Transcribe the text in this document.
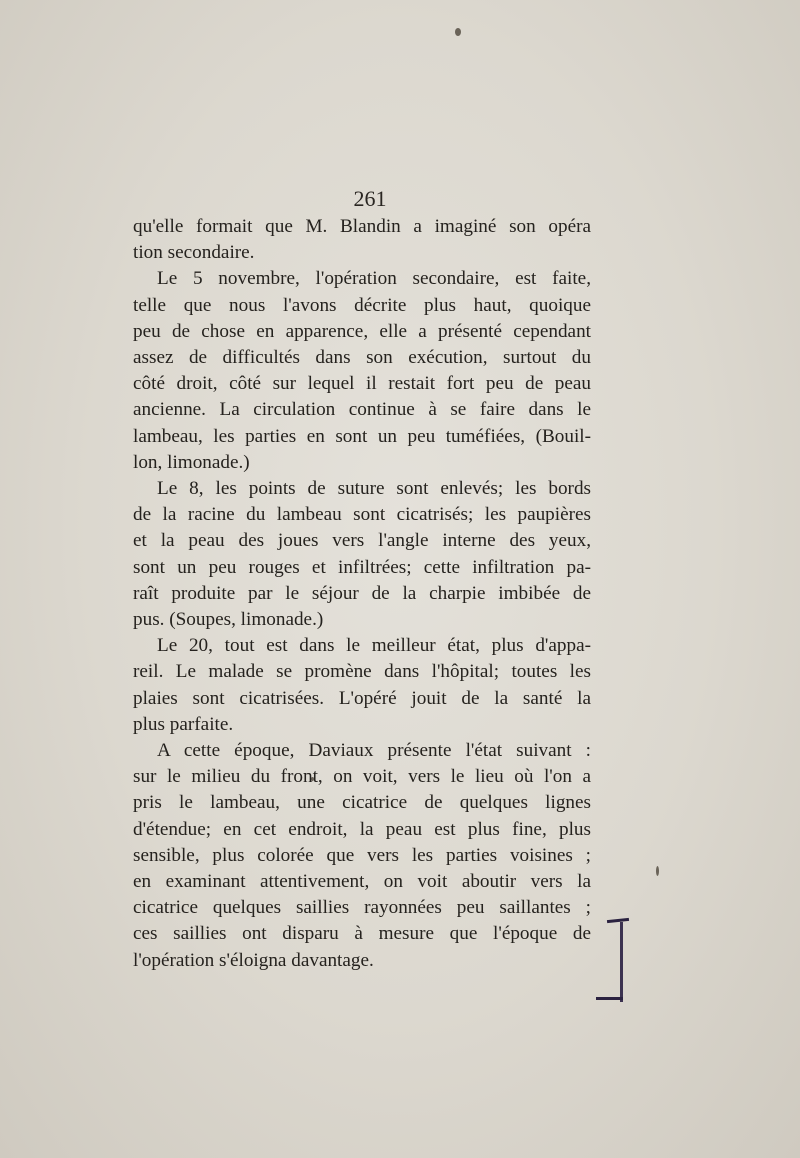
261

qu'elle formait que M. Blandin a imaginé son opéra
tion secondaire.

Le 5 novembre, l'opération secondaire, est faite,
telle que nous l'avons décrite plus haut, quoique
peu de chose en apparence, elle a présenté cependant
assez de difficultés dans son exécution, surtout du
côté droit, côté sur lequel il restait fort peu de peau
ancienne. La circulation continue à se faire dans le
lambeau, les parties en sont un peu tuméfiées, (Bouil-
lon, limonade.)

Le 8, les points de suture sont enlevés; les bords
de la racine du lambeau sont cicatrisés; les paupières
et la peau des joues vers l'angle interne des yeux,
sont un peu rouges et infiltrées; cette infiltration pa-
raît produite par le séjour de la charpie imbibée de
pus. (Soupes, limonade.)

Le 20, tout est dans le meilleur état, plus d'appa-
reil. Le malade se promène dans l'hôpital; toutes les
plaies sont cicatrisées. L'opéré jouit de la santé la
plus parfaite.

A cette époque, Daviaux présente l'état suivant :
sur le milieu du front, on voit, vers le lieu où l'on a
pris le lambeau, une cicatrice de quelques lignes
d'étendue; en cet endroit, la peau est plus fine, plus
sensible, plus colorée que vers les parties voisines ;
en examinant attentivement, on voit aboutir vers la
cicatrice quelques saillies rayonnées peu saillantes ;
ces saillies ont disparu à mesure que l'époque de
l'opération s'éloigna davantage.
